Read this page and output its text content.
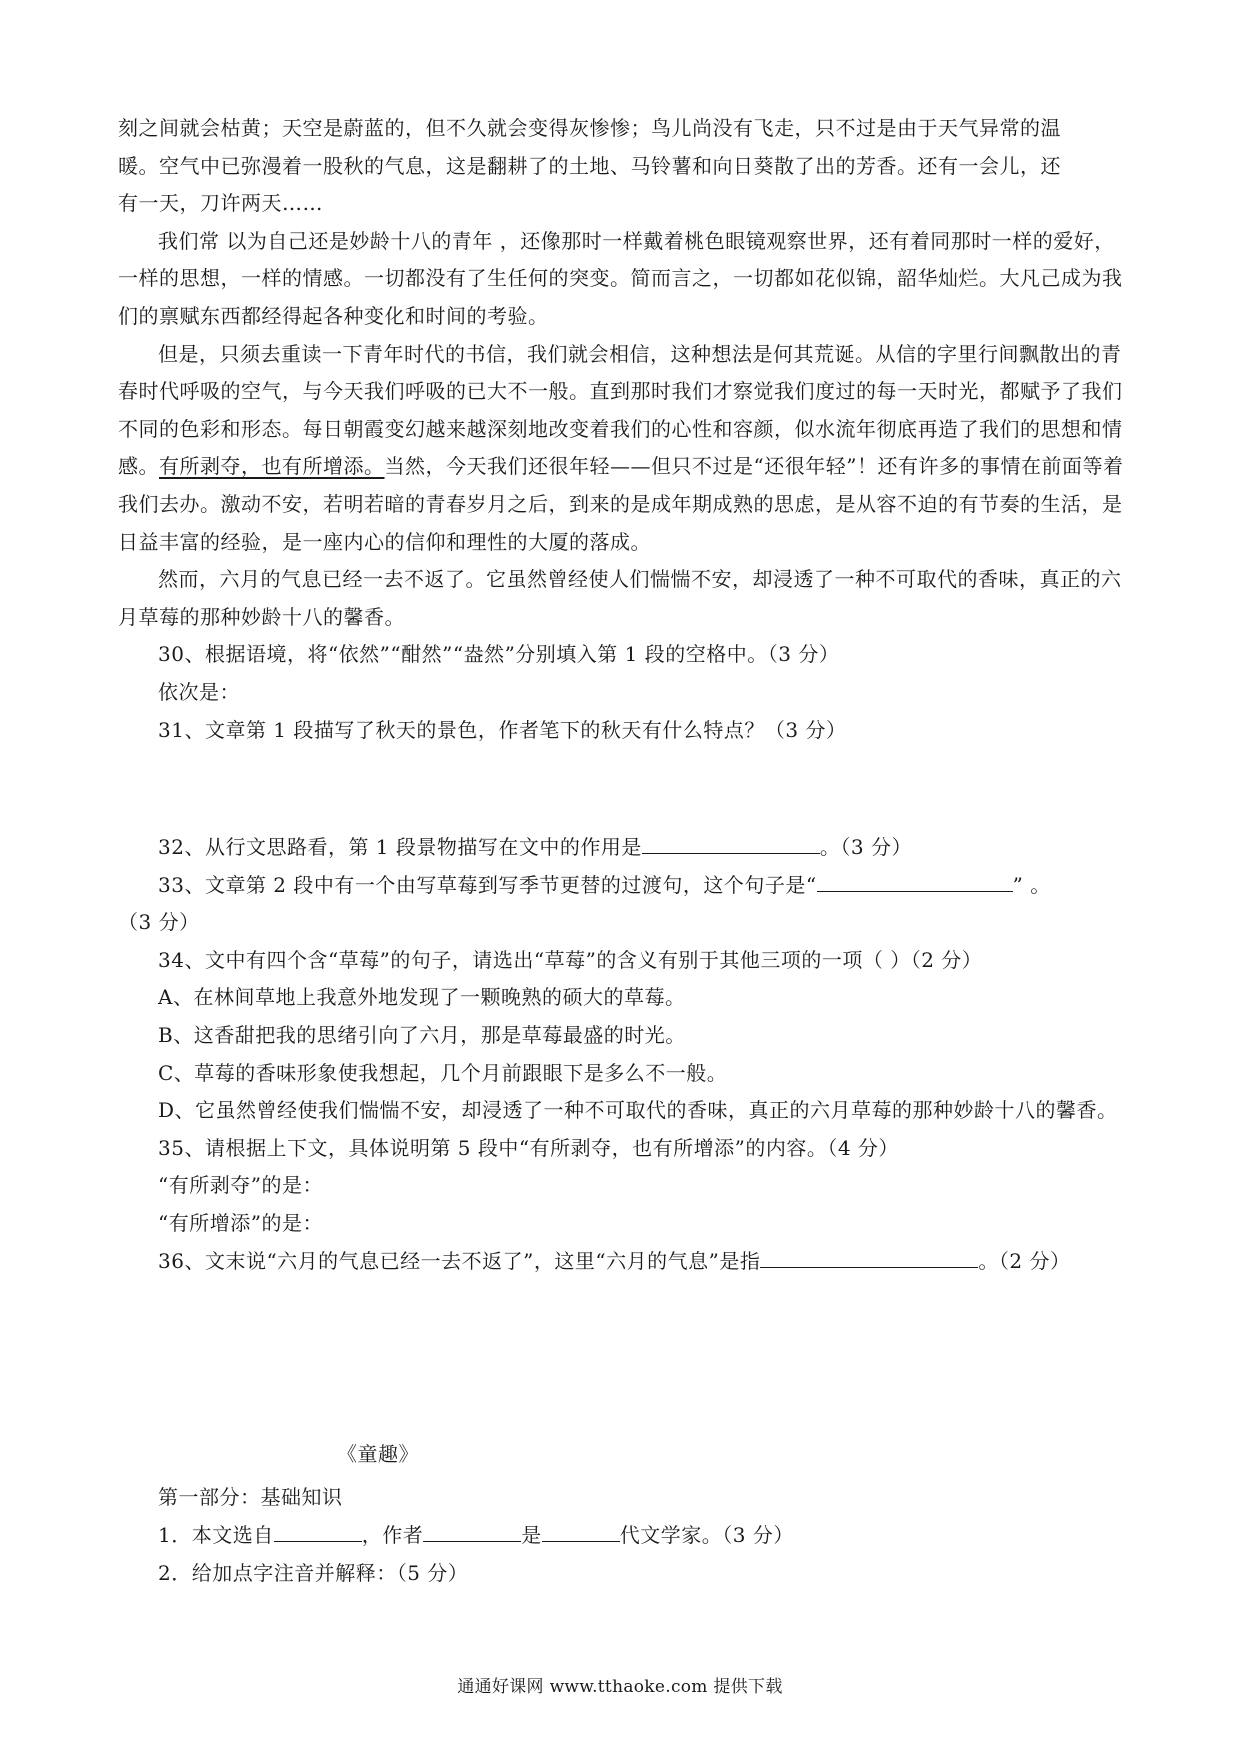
刻之间就会枯黄；天空是蔚蓝的，但不久就会变得灰惨惨；鸟儿尚没有飞走，只不过是由于天气异常的温

暖。空气中已弥漫着一股秋的气息，这是翻耕了的土地、马铃薯和向日葵散了出的芳香。还有一会儿，还

有一天，刀许两天……

我们常 以为自己还是妙龄十八的青年 ，还像那时一样戴着桃色眼镜观察世界，还有着同那时一样的爱好，一样的思想，一样的情感。一切都没有了生任何的突变。简而言之，一切都如花似锦，韶华灿烂。大凡己成为我们的禀赋东西都经得起各种变化和时间的考验。

但是，只须去重读一下青年时代的书信，我们就会相信，这种想法是何其荒诞。从信的字里行间飘散出的青春时代呼吸的空气，与今天我们呼吸的已大不一般。直到那时我们才察觉我们度过的每一天时光，都赋予了我们不同的色彩和形态。每日朝霞变幻越来越深刻地改变着我们的心性和容颜，似水流年彻底再造了我们的思想和情感。有所剥夺，也有所增添。当然，今天我们还很年轻——但只不过是“还很年轻”！还有许多的事情在前面等着我们去办。激动不安，若明若暗的青春岁月之后，到来的是成年期成熟的思虑，是从容不迫的有节奏的生活，是日益丰富的经验，是一座内心的信仰和理性的大厦的落成。

然而，六月的气息已经一去不返了。它虽然曾经使人们惴惴不安，却浸透了一种不可取代的香味，真正的六月草莓的那种妙龄十八的馨香。

30、根据语境，将“依然”“酣然”“盎然”分别填入第 1 段的空格中。（3 分）

依次是：

31、文章第 1 段描写了秋天的景色，作者笔下的秋天有什么特点？（3 分）

32、从行文思路看，第 1 段景物描写在文中的作用是	。（3 分）

33、文章第 2 段中有一个由写草莓到写季节更替的过渡句，这个句子是“	” 。

（3 分）

34、文中有四个含“草莓”的句子，请选出“草莓”的含义有别于其他三项的一项（ ）（2 分）

A、在林间草地上我意外地发现了一颗晚熟的硕大的草莓。

B、这香甜把我的思绪引向了六月，那是草莓最盛的时光。

C、草莓的香味形象使我想起，几个月前跟眼下是多么不一般。

D、它虽然曾经使我们惴惴不安，却浸透了一种不可取代的香味，真正的六月草莓的那种妙龄十八的馨香。

35、请根据上下文，具体说明第 5 段中“有所剥夺，也有所增添”的内容。（4 分）

“有所剥夺”的是：

“有所增添”的是：

36、文末说“六月的气息已经一去不返了”，这里“六月的气息”是指	。（2 分）

《童趣》

第一部分：基础知识

1．本文选自	，作者	是	代文学家。（3 分）

2．给加点字注音并解释：（5 分）

通通好课网 www.tthaoke.com 提供下载
